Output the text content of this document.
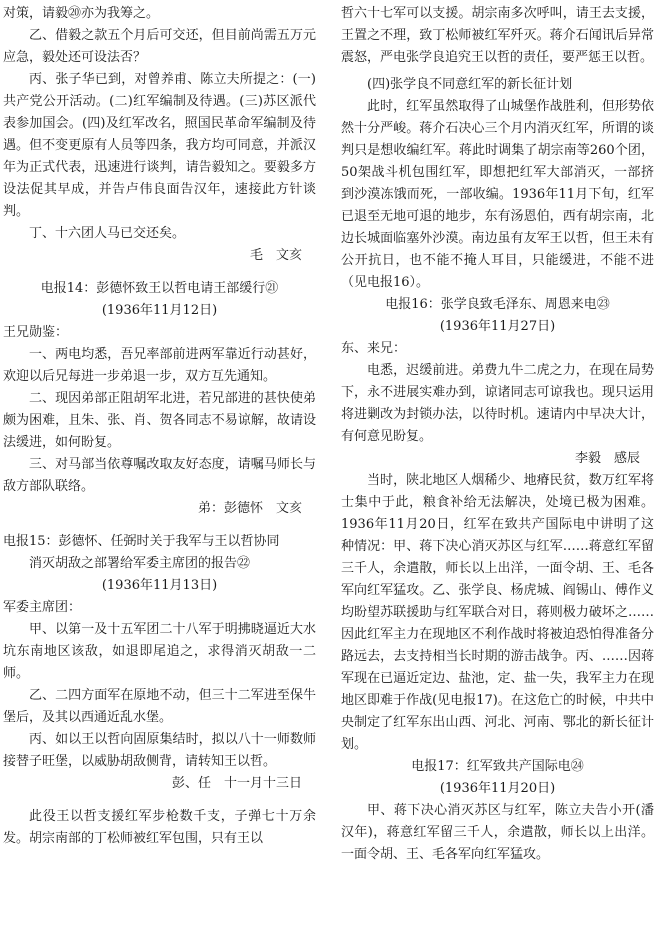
对策，请毅⑳亦为我筹之。

乙、借毅之款五个月后可交还，但目前尚需五万元应急，毅处还可设法否？

丙、张子华已到，对曾养甫、陈立夫所提之：(一)共产党公开活动。(二)红军编制及待遇。(三)苏区派代表参加国会。(四)及红军改名，照国民革命军编制及待遇。但不变更原有人员等四条，我方均可同意，并派汉年为正式代表，迅速进行谈判，请告毅知之。要毅多方设法促其早成，并告卢伟良面告汉年，速接此方针谈判。

丁、十六团人马已交还矣。

毛　文亥

电报14：彭德怀致王以哲电请王部缓行㉑

(1936年11月12日)

王兄勋鉴：

一、两电均悉，吾兄率部前进两军靠近行动甚好，欢迎以后兄每进一步弟退一步，双方互先通知。

二、现因弟部正阻胡军北进，若兄部进的甚快使弟颇为困难，且朱、张、肖、贺各同志不易谅解，故请设法缓进，如何盼复。

三、对马部当依尊嘱改取友好态度，请嘱马师长与敌方部队联络。

弟：彭德怀　文亥

电报15：彭德怀、任弼时关于我军与王以哲协同

消灭胡敌之部署给军委主席团的报告㉒

(1936年11月13日)

军委主席团：

甲、以第一及十五军团二十八军于明拂晓逼近大水坑东南地区该敌，如退即尾追之，求得消灭胡敌一二师。

乙、二四方面军在原地不动，但三十二军进至保牛堡后，及其以西通近乱水堡。

丙、如以王以哲向固原集结时，拟以八十一师数师接替子旺堡，以威胁胡敌侧背，请转知王以哲。

彭、任　十一月十三日

此役王以哲支援红军步枪数千支，子弹七十万余发。胡宗南部的丁松师被红军包围，只有王以

哲六十七军可以支援。胡宗南多次呼叫，请王去支援，王置之不理，致丁松师被红军歼灭。蒋介石闻讯后异常震怒，严电张学良追究王以哲的责任，要严惩王以哲。

(四)张学良不同意红军的新长征计划

此时，红军虽然取得了山城堡作战胜利，但形势依然十分严峻。蒋介石决心三个月内消灭红军，所谓的谈判只是想收编红军。蒋此时调集了胡宗南等260个团，50架战斗机包围红军，即想把红军大部消灭，一部挤到沙漠冻饿而死，一部收编。1936年11月下旬，红军已退至无地可退的地步，东有汤恩伯，西有胡宗南，北边长城面临塞外沙漠。南边虽有友军王以哲，但王未有公开抗日，也不能不掩人耳目，只能缓进，不能不进（见电报16）。

电报16：张学良致毛泽东、周恩来电㉓

(1936年11月27日)

东、来兄：

电悉，迟缓前进。弟费九牛二虎之力，在现在局势下，永不进展实难办到，谅诸同志可谅我也。现只运用将进剿改为封锁办法，以待时机。速请内中早决大计，有何意见盼复。

李毅　感辰

当时，陕北地区人烟稀少、地瘠民贫，数万红军将士集中于此，粮食补给无法解决，处境已极为困难。1936年11月20日，红军在致共产国际电中讲明了这种情况：甲、蒋下决心消灭苏区与红军……蒋意红军留三千人，余遣散，师长以上出洋，一面令胡、王、毛各军向红军猛攻。乙、张学良、杨虎城、阎锡山、傅作义均盼望苏联援助与红军联合对日，蒋则极力破坏之……因此红军主力在现地区不利作战时将被迫恐怕得准备分路远去，去支持相当长时期的游击战争。丙、……因蒋军现在已逼近定边、盐池，定、盐一失，我军主力在现地区即难于作战(见电报17)。在这危亡的时候，中共中央制定了红军东出山西、河北、河南、鄂北的新长征计划。

电报17：红军致共产国际电㉔

(1936年11月20日)

甲、蒋下决心消灭苏区与红军，陈立夫告小开(潘汉年)，蒋意红军留三千人，余遣散，师长以上出洋。一面令胡、王、毛各军向红军猛攻。
